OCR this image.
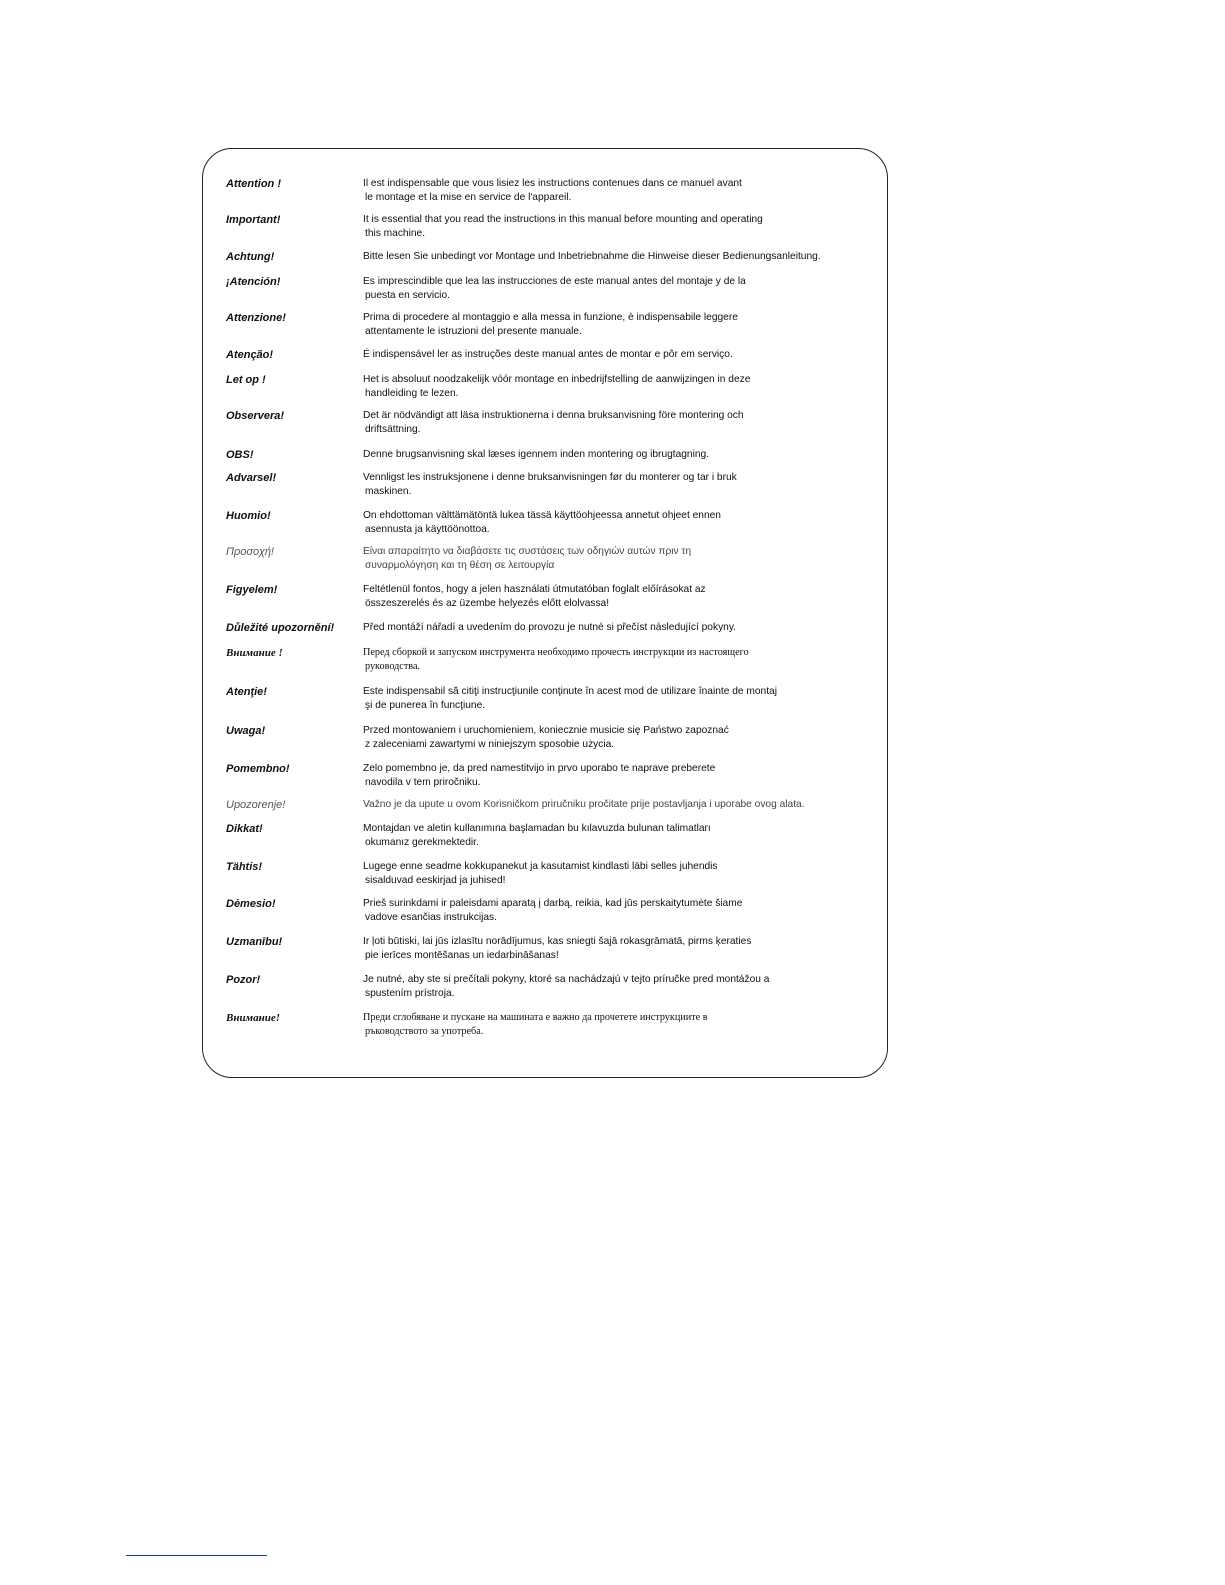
Attention !	Il est indispensable que vous lisiez les instructions contenues dans ce manuel avant
le montage et la mise en service de l'appareil.
Important!	It is essential that you read the instructions in this manual before mounting and operating
this machine.
Achtung!	Bitte lesen Sie unbedingt vor Montage und Inbetriebnahme die Hinweise dieser Bedienungsanleitung.
¡Atención!	Es imprescindible que lea las instrucciones de este manual antes del montaje y de la
puesta en servicio.
Attenzione!	Prima di procedere al montaggio e alla messa in funzione, è indispensabile leggere
attentamente le istruzioni del presente manuale.
Atenção!	É indispensável ler as instruções deste manual antes de montar e pôr em serviço.
Let op !	Het is absoluut noodzakelijk vóór montage en inbedrijfstelling de aanwijzingen in deze
handleiding te lezen.
Observera!	Det är nödvändigt att läsa instruktionerna i denna bruksanvisning före montering och
driftsättning.
OBS!	Denne brugsanvisning skal læses igennem inden montering og ibrugtagning.
Advarsel!	Vennligst les instruksjonene i denne bruksanvisningen før du monterer og tar i bruk
maskinen.
Huomio!	On ehdottoman välttämätöntä lukea tässä käyttöohjeessa annetut ohjeet ennen
asennusta ja käyttöönottoa.
Προσοχή!	Είναι απαραίτητο να διαβάσετε τις συστάσεις των οδηγιών αυτών πριν τη
συναρμολόγηση και τη θέση σε λειτουργία
Figyelem!	Feltétlenül fontos, hogy a jelen használati útmutatóban foglalt előírásokat az
összeszerelés és az üzembe helyezés előtt elolvassa!
Důležité upozornění!	Před montáží nářadí a uvedením do provozu je nutné si přečíst následující pokyny.
Внимание !	Перед сборкой и запуском инструмента необходимо прочесть инструкции из настоящего
руководства.
Atenţie!	Este indispensabil să citiţi instrucţiunile conţinute în acest mod de utilizare înainte de montaj
şi de punerea în funcţiune.
Uwaga!	Przed montowaniem i uruchomieniem, koniecznie musicie się Państwo zapoznać
z zaleceniami zawartymi w niniejszym sposobie użycia.
Pomembno!	Zelo pomembno je, da pred namestitvijo in prvo uporabo te naprave preberete
navodila v tem priročniku.
Upozorenje!	Važno je da upute u ovom Korisničkom priručniku pročitate prije postavljanja i uporabe ovog alata.
Dikkat!	Montajdan ve aletin kullanımına başlamadan bu kılavuzda bulunan talimatları
okumanız gerekmektedir.
Tähtis!	Lugege enne seadme kokkupanekut ja kasutamist kindlasti läbi selles juhendis
sisalduvad eeskirjad ja juhised!
Dėmesio!	Prieš surinkdami ir paleisdami aparatą į darbą, reikia, kad jūs perskaitytumėte šiame
vadove esančias instrukcijas.
Uzmanību!	Ir ļoti būtiski, lai jūs izlasītu norādījumus, kas sniegti šajā rokasgrāmatā, pirms ķeraties
pie ierīces montēšanas un iedarbināšanas!
Pozor!	Je nutné, aby ste si prečítali pokyny, ktoré sa nachádzajú v tejto príručke pred montážou a
spustením prístroja.
Внимание!	Преди сглобяване и пускане на машината е важно да прочетете инструкциите в
ръководството за употреба.
